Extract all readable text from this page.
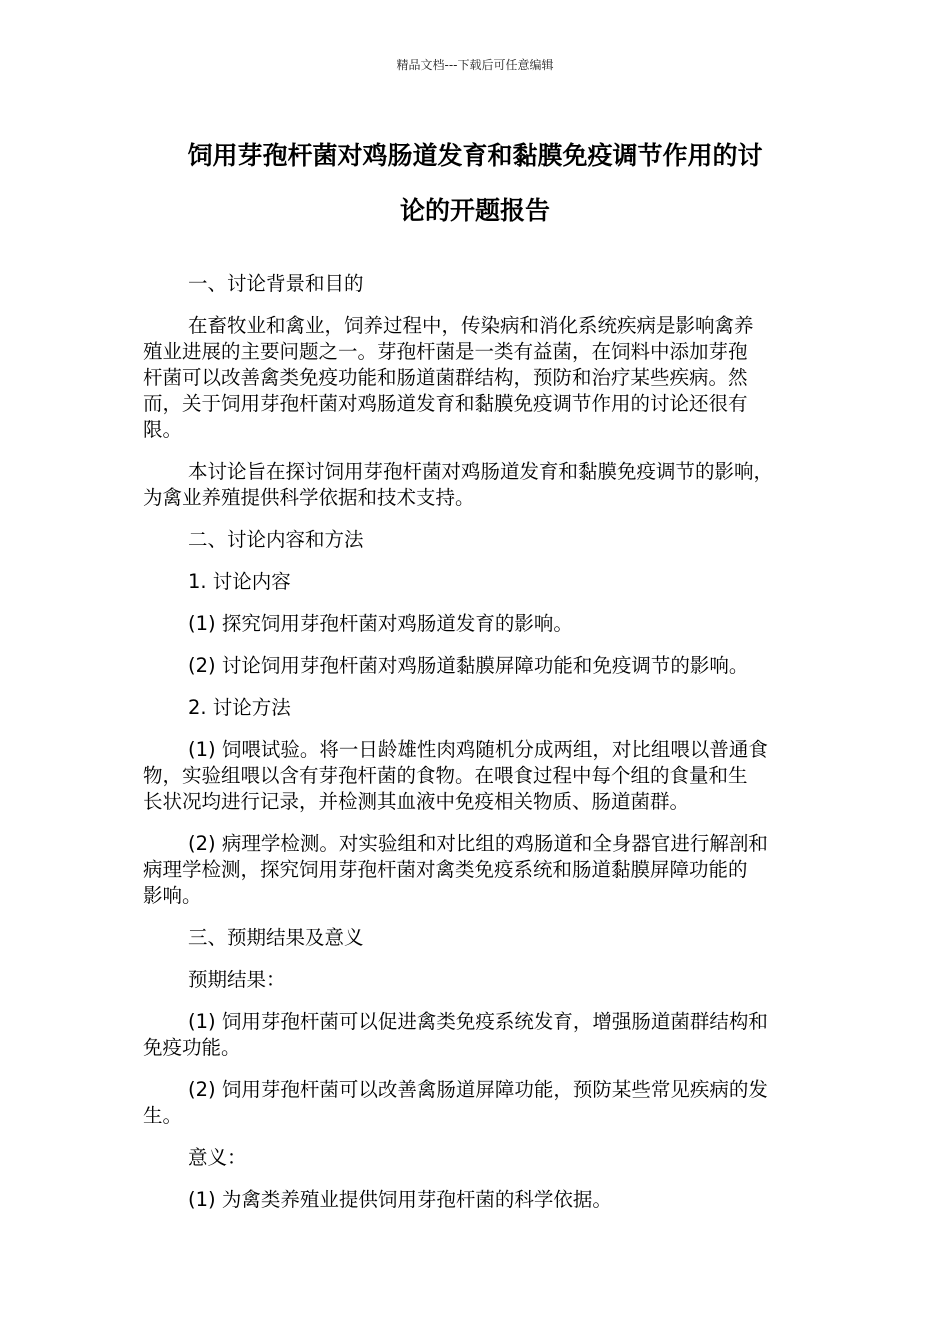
精品文档---下载后可任意编辑
饲用芽孢杆菌对鸡肠道发育和黏膜免疫调节作用的讨
论的开题报告

一、讨论背景和目的

在畜牧业和禽业，饲养过程中，传染病和消化系统疾病是影响禽养
殖业进展的主要问题之一。芽孢杆菌是一类有益菌，在饲料中添加芽孢
杆菌可以改善禽类免疫功能和肠道菌群结构，预防和治疗某些疾病。然
而，关于饲用芽孢杆菌对鸡肠道发育和黏膜免疫调节作用的讨论还很有
限。

本讨论旨在探讨饲用芽孢杆菌对鸡肠道发育和黏膜免疫调节的影响，
为禽业养殖提供科学依据和技术支持。

二、讨论内容和方法

1. 讨论内容

(1) 探究饲用芽孢杆菌对鸡肠道发育的影响。

(2) 讨论饲用芽孢杆菌对鸡肠道黏膜屏障功能和免疫调节的影响。

2. 讨论方法

(1) 饲喂试验。将一日龄雄性肉鸡随机分成两组，对比组喂以普通食
物，实验组喂以含有芽孢杆菌的食物。在喂食过程中每个组的食量和生
长状况均进行记录，并检测其血液中免疫相关物质、肠道菌群。

(2) 病理学检测。对实验组和对比组的鸡肠道和全身器官进行解剖和
病理学检测，探究饲用芽孢杆菌对禽类免疫系统和肠道黏膜屏障功能的
影响。

三、预期结果及意义

预期结果：

(1) 饲用芽孢杆菌可以促进禽类免疫系统发育，增强肠道菌群结构和
免疫功能。

(2) 饲用芽孢杆菌可以改善禽肠道屏障功能，预防某些常见疾病的发
生。

意义：

(1) 为禽类养殖业提供饲用芽孢杆菌的科学依据。
